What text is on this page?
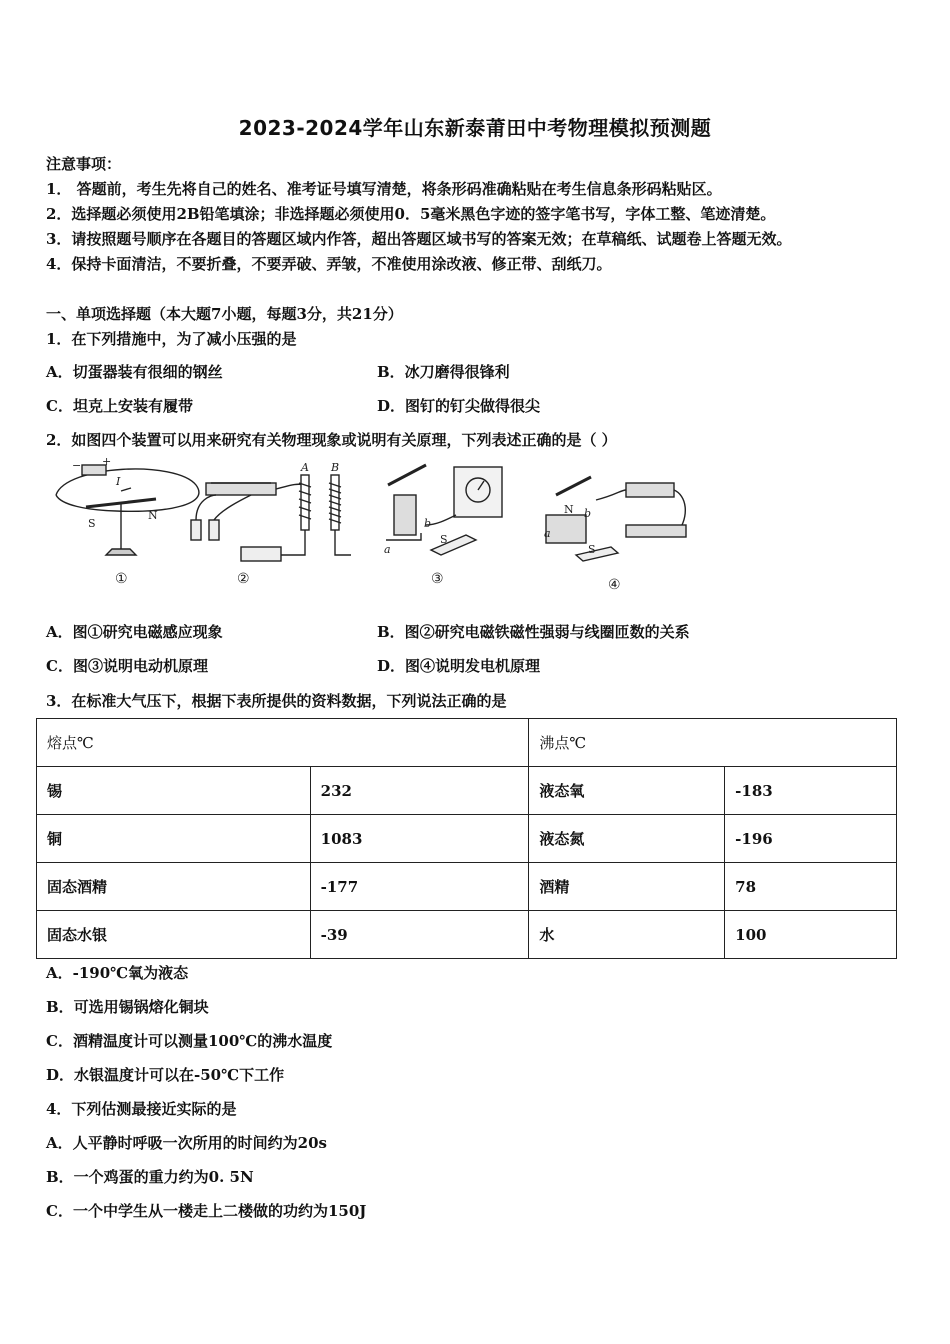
2023-2024学年山东新泰莆田中考物理模拟预测题
注意事项：
1． 答题前，考生先将自己的姓名、准考证号填写清楚，将条形码准确粘贴在考生信息条形码粘贴区。
2．选择题必须使用2B铅笔填涂；非选择题必须使用0．5毫米黑色字迹的签字笔书写，字体工整、笔迹清楚。
3．请按照题号顺序在各题目的答题区域内作答，超出答题区域书写的答案无效；在草稿纸、试题卷上答题无效。
4．保持卡面清洁，不要折叠，不要弄破、弄皱，不准使用涂改液、修正带、刮纸刀。
一、单项选择题（本大题7小题，每题3分，共21分）
1．在下列措施中，为了减小压强的是
A．切蛋器装有很细的钢丝	B．冰刀磨得很锋利
C．坦克上安装有履带	D．图钉的钉尖做得很尖
2．如图四个装置可以用来研究有关物理现象或说明有关原理，下列表述正确的是（ ）
+
−
I
S
N
①
A B
②
a
b
S
③
N
a
b
S
④
A．图①研究电磁感应现象	B．图②研究电磁铁磁性强弱与线圈匝数的关系
C．图③说明电动机原理	D．图④说明发电机原理
3．在标准大气压下，根据下表所提供的资料数据，下列说法正确的是
熔点℃		沸点℃	
锡	232	液态氧	-183
铜	1083	液态氮	-196
固态酒精	-177	酒精	78
固态水银	-39	水	100
A．-190℃氧为液态
B．可选用锡锅熔化铜块
C．酒精温度计可以测量100℃的沸水温度
D．水银温度计可以在-50℃下工作
4．下列估测最接近实际的是
A．人平静时呼吸一次所用的时间约为20s
B．一个鸡蛋的重力约为0. 5N
C．一个中学生从一楼走上二楼做的功约为150J
